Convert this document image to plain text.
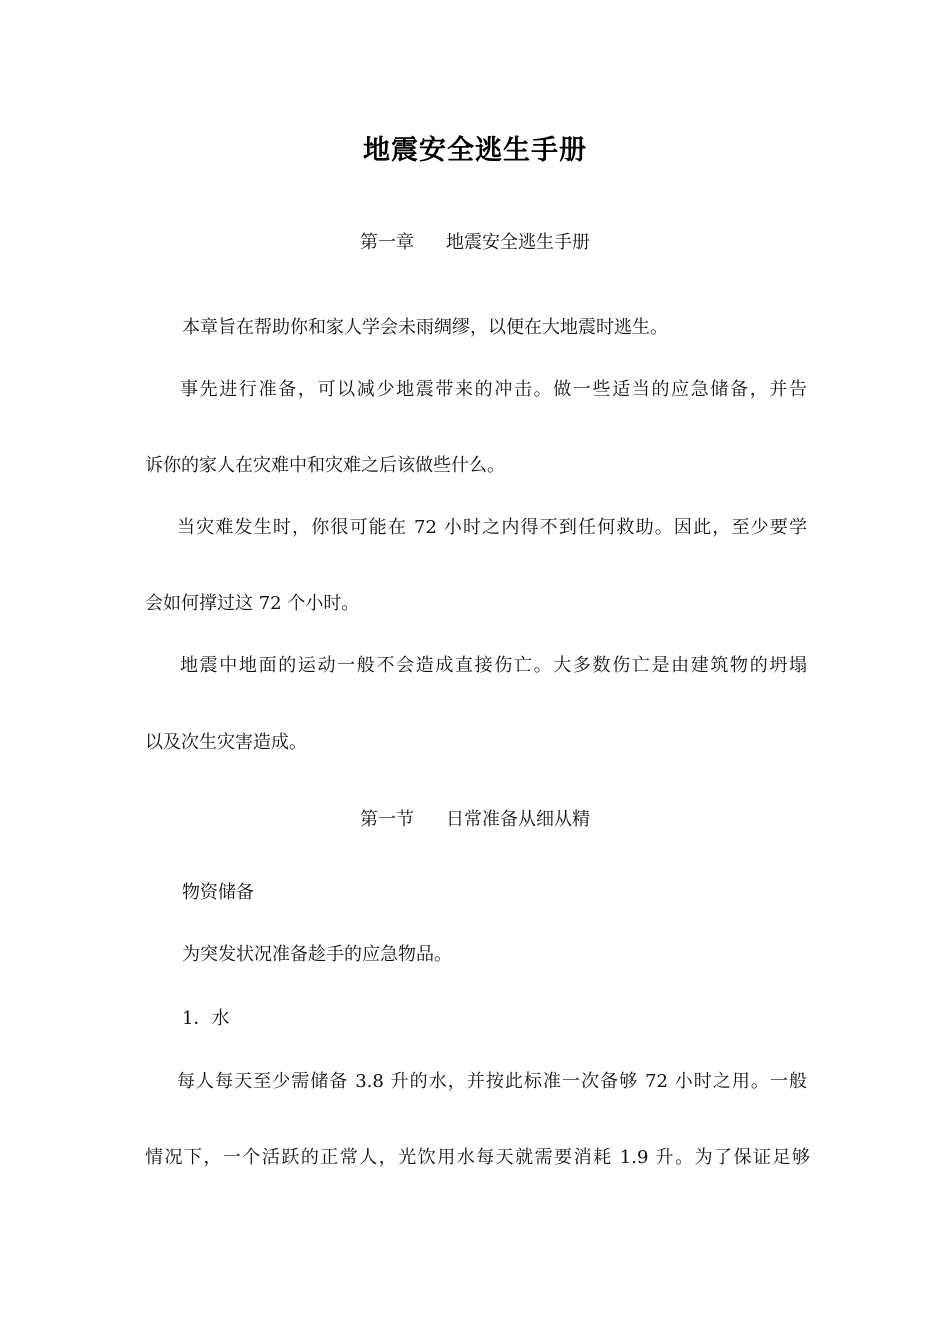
地震安全逃生手册
第一章 地震安全逃生手册
本章旨在帮助你和家人学会未雨绸缪，以便在大地震时逃生。
事先进行准备，可以减少地震带来的冲击。做一些适当的应急储备，并告
诉你的家人在灾难中和灾难之后该做些什么。
当灾难发生时，你很可能在 72 小时之内得不到任何救助。因此，至少要学
会如何撑过这 72 个小时。
地震中地面的运动一般不会造成直接伤亡。大多数伤亡是由建筑物的坍塌
以及次生灾害造成。
第一节 日常准备从细从精
物资储备
为突发状况准备趁手的应急物品。
1．水
每人每天至少需储备 3.8 升的水，并按此标准一次备够 72 小时之用。一般
情况下，一个活跃的正常人，光饮用水每天就需要消耗 1.9 升。为了保证足够
